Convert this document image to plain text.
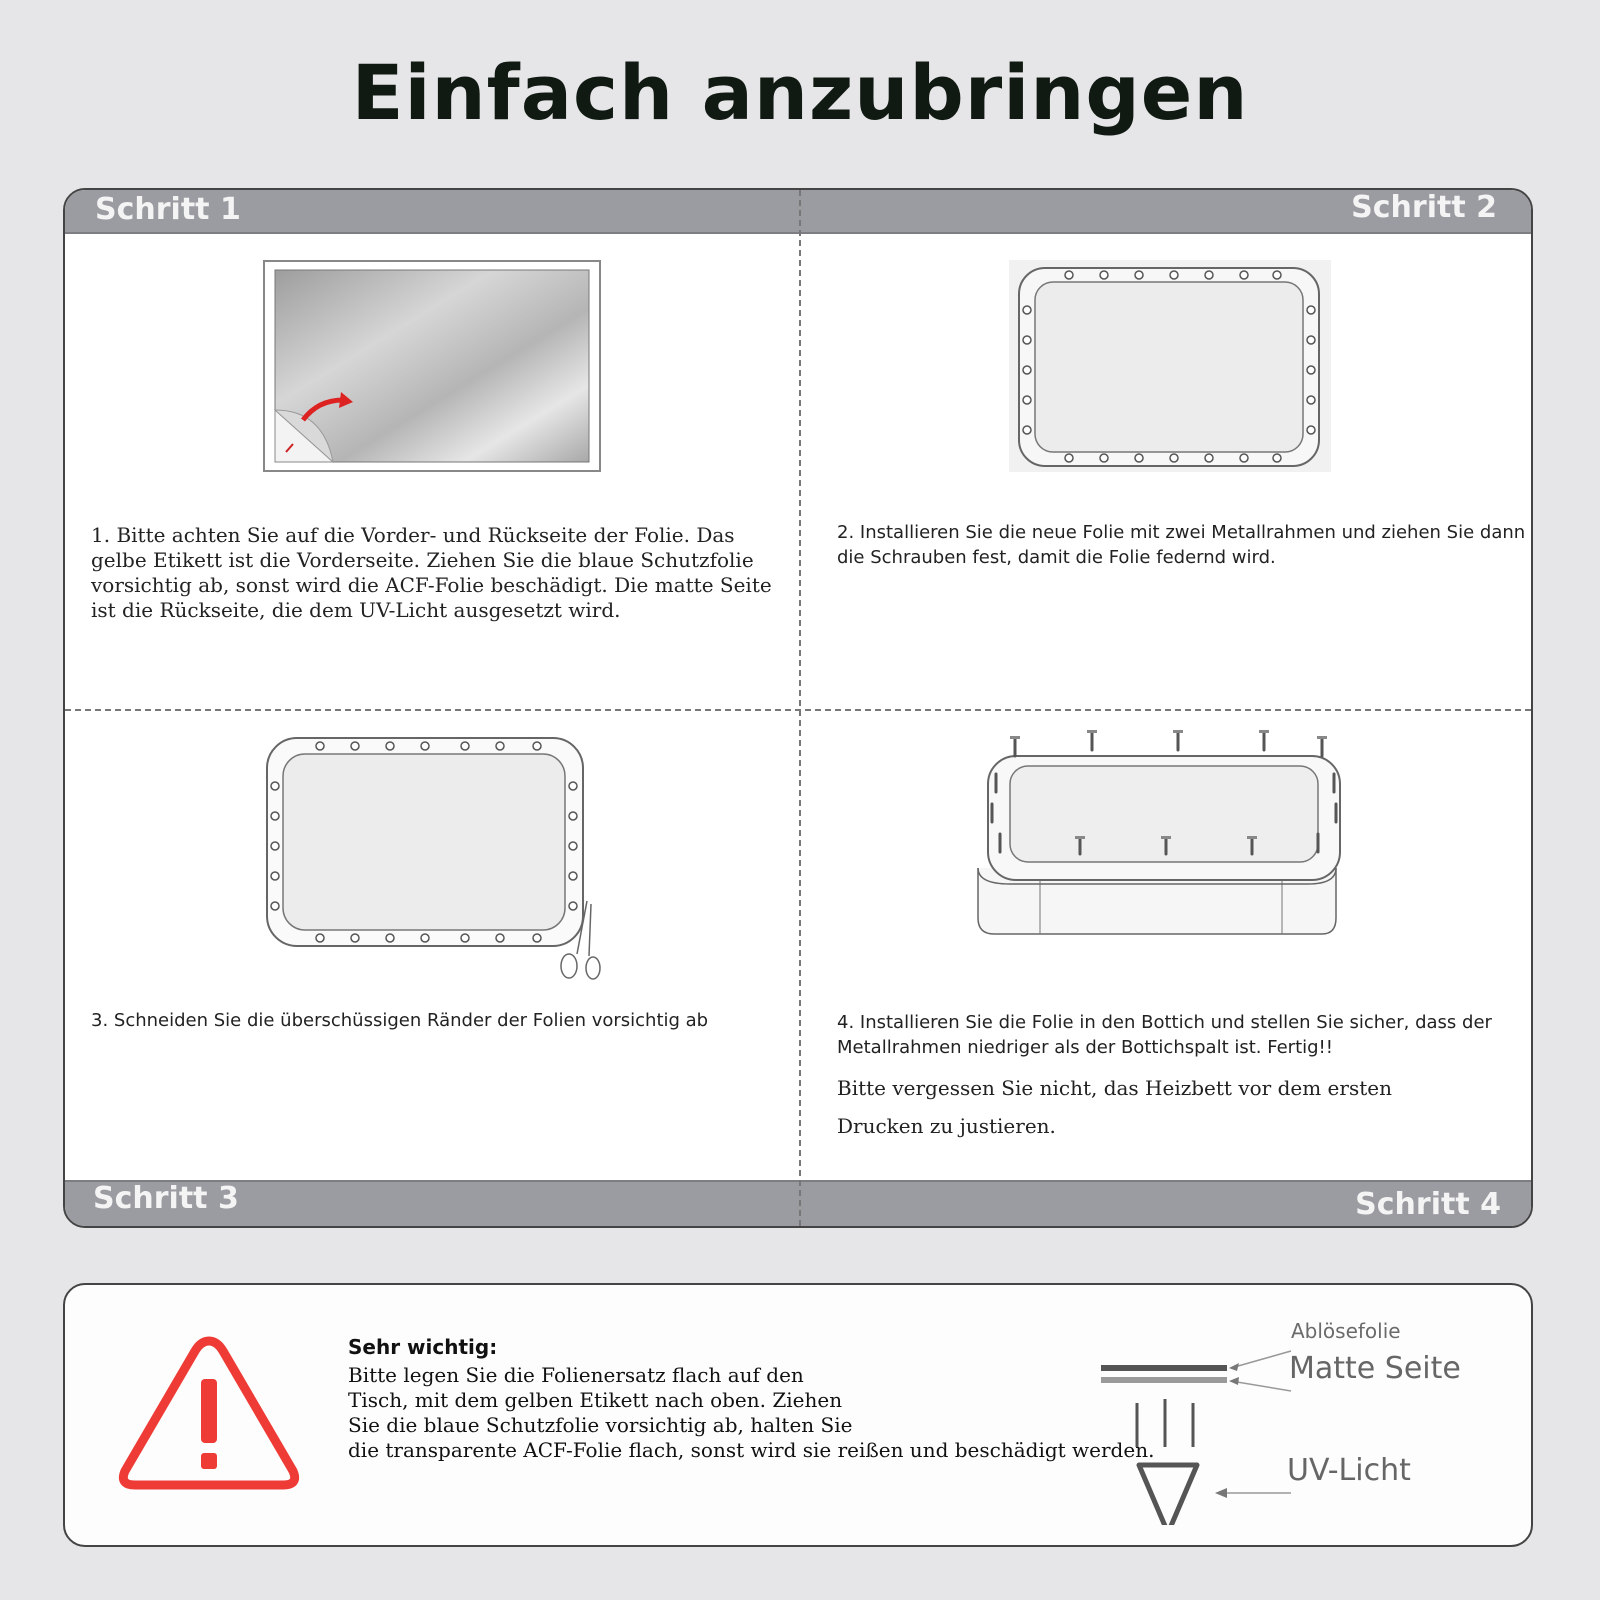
Einfach anzubringen
Schritt 1	Schritt 2
Schritt 3	Schritt 4
1. Bitte achten Sie auf die Vorder- und Rückseite der Folie. Das gelbe Etikett ist die Vorderseite. Ziehen Sie die blaue Schutzfolie vorsichtig ab, sonst wird die ACF-Folie beschädigt. Die matte Seite ist die Rückseite, die dem UV-Licht ausgesetzt wird.
2. Installieren Sie die neue Folie mit zwei Metallrahmen und ziehen Sie dann die Schrauben fest, damit die Folie federnd wird.
3. Schneiden Sie die überschüssigen Ränder der Folien vorsichtig ab	4. Installieren Sie die Folie in den Bottich und stellen Sie sicher, dass der Metallrahmen niedriger als der Bottichspalt ist. Fertig!!
Bitte vergessen Sie nicht, das Heizbett vor dem ersten
Drucken zu justieren.
Sehr wichtig:
Bitte legen Sie die Folienersatz flach auf den
Tisch, mit dem gelben Etikett nach oben. Ziehen
Sie die blaue Schutzfolie vorsichtig ab, halten Sie
die transparente ACF-Folie flach, sonst wird sie reißen und beschädigt werden.
Ablösefolie
Matte Seite
UV-Licht
